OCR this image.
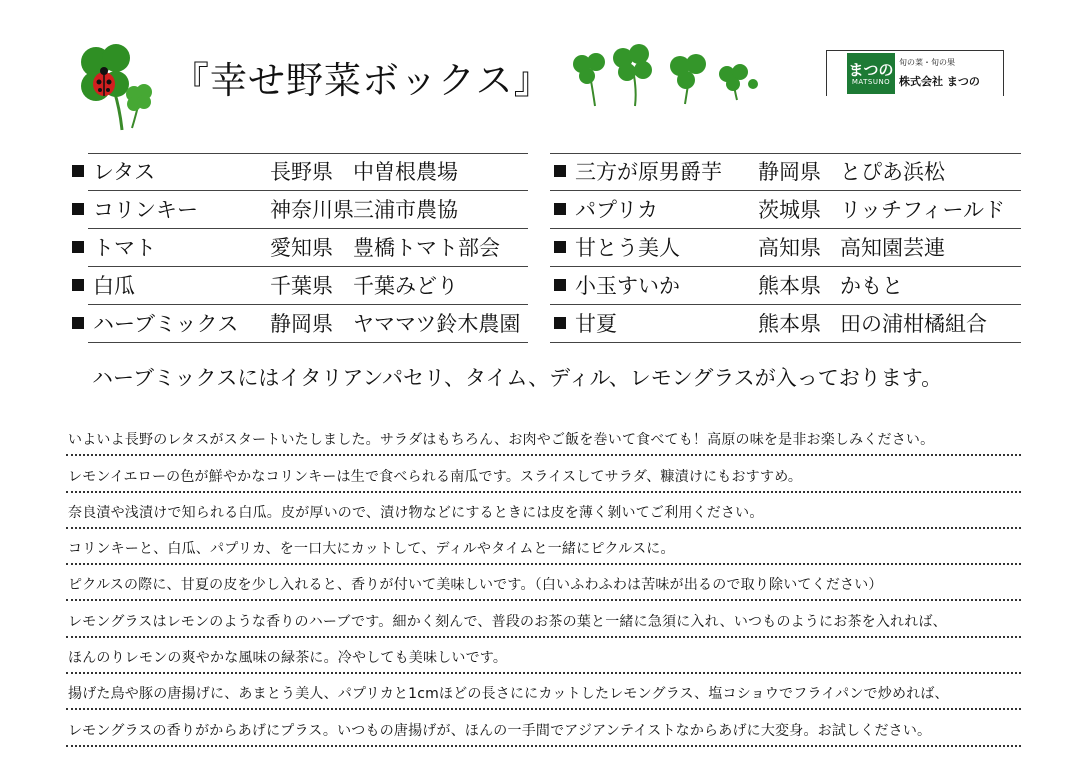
『幸せ野菜ボックス』	まつの
MATSUNO
旬の菜・旬の果
株式会社 まつの
レタス	長野県 中曽根農場
コリンキー	神奈川県 三浦市農協
トマト	愛知県 豊橋トマト部会
白瓜	千葉県 千葉みどり
ハーブミックス 静岡県 ヤママツ鈴木農園
三方が原男爵芋 静岡県 とぴあ浜松
パプリカ	茨城県 リッチフィールド
甘とう美人	高知県 高知園芸連
小玉すいか	熊本県 かもと
甘夏	熊本県 田の浦柑橘組合
ハーブミックスにはイタリアンパセリ、タイム、ディル、レモングラスが入っております。
いよいよ長野のレタスがスタートいたしました。サラダはもちろん、お肉やご飯を巻いて食べても！高原の味を是非お楽しみください。
レモンイエローの色が鮮やかなコリンキーは生で食べられる南瓜です。スライスしてサラダ、糠漬けにもおすすめ。
奈良漬や浅漬けで知られる白瓜。皮が厚いので、漬け物などにするときには皮を薄く剝いてご利用ください。
コリンキーと、白瓜、パプリカ、を一口大にカットして、ディルやタイムと一緒にピクルスに。
ピクルスの際に、甘夏の皮を少し入れると、香りが付いて美味しいです。（白いふわふわは苦味が出るので取り除いてください）
レモングラスはレモンのような香りのハーブです。細かく刻んで、普段のお茶の葉と一緒に急須に入れ、いつものようにお茶を入れれば、
ほんのりレモンの爽やかな風味の緑茶に。冷やしても美味しいです。
揚げた鳥や豚の唐揚げに、あまとう美人、パプリカと1cmほどの長さににカットしたレモングラス、塩コショウでフライパンで炒めれば、
レモングラスの香りがからあげにプラス。いつもの唐揚げが、ほんの一手間でアジアンテイストなからあげに大変身。お試しください。
